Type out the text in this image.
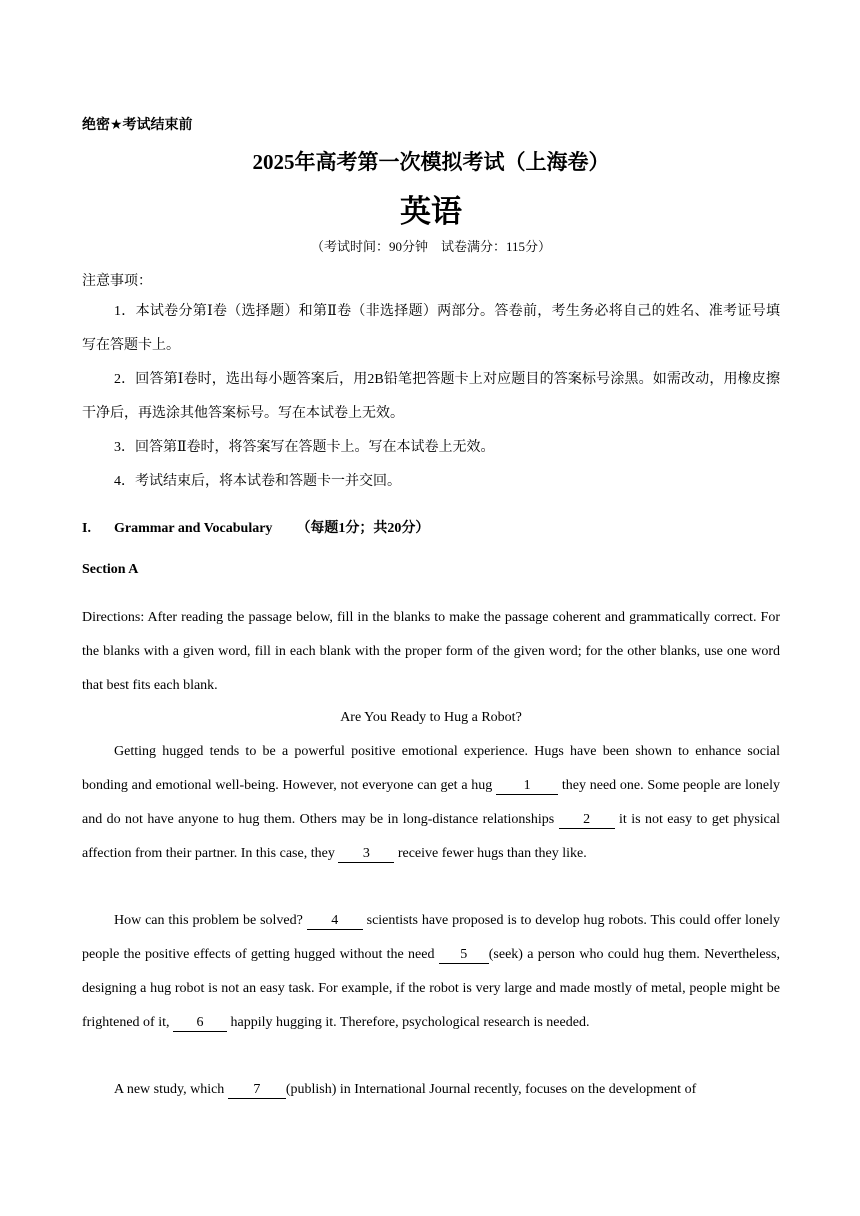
绝密★考试结束前
2025年高考第一次模拟考试（上海卷）
英语
（考试时间：90分钟　试卷满分：115分）
注意事项：
1．本试卷分第Ⅰ卷（选择题）和第Ⅱ卷（非选择题）两部分。答卷前，考生务必将自己的姓名、准考证号填写在答题卡上。
2．回答第Ⅰ卷时，选出每小题答案后，用2B铅笔把答题卡上对应题目的答案标号涂黑。如需改动，用橡皮擦干净后，再选涂其他答案标号。写在本试卷上无效。
3．回答第Ⅱ卷时，将答案写在答题卡上。写在本试卷上无效。
4．考试结束后，将本试卷和答题卡一并交回。
I. Grammar and Vocabulary （每题1分；共20分）
Section A
Directions: After reading the passage below, fill in the blanks to make the passage coherent and grammatically correct. For the blanks with a given word, fill in each blank with the proper form of the given word; for the other blanks, use one word that best fits each blank.
Are You Ready to Hug a Robot?
Getting hugged tends to be a powerful positive emotional experience. Hugs have been shown to enhance social bonding and emotional well-being. However, not everyone can get a hug 1 they need one. Some people are lonely and do not have anyone to hug them. Others may be in long-distance relationships 2 it is not easy to get physical affection from their partner. In this case, they 3 receive fewer hugs than they like.
How can this problem be solved? 4 scientists have proposed is to develop hug robots. This could offer lonely people the positive effects of getting hugged without the need 5 (seek) a person who could hug them. Nevertheless, designing a hug robot is not an easy task. For example, if the robot is very large and made mostly of metal, people might be frightened of it, 6 happily hugging it. Therefore, psychological research is needed.
A new study, which 7 (publish) in International Journal recently, focuses on the development of
